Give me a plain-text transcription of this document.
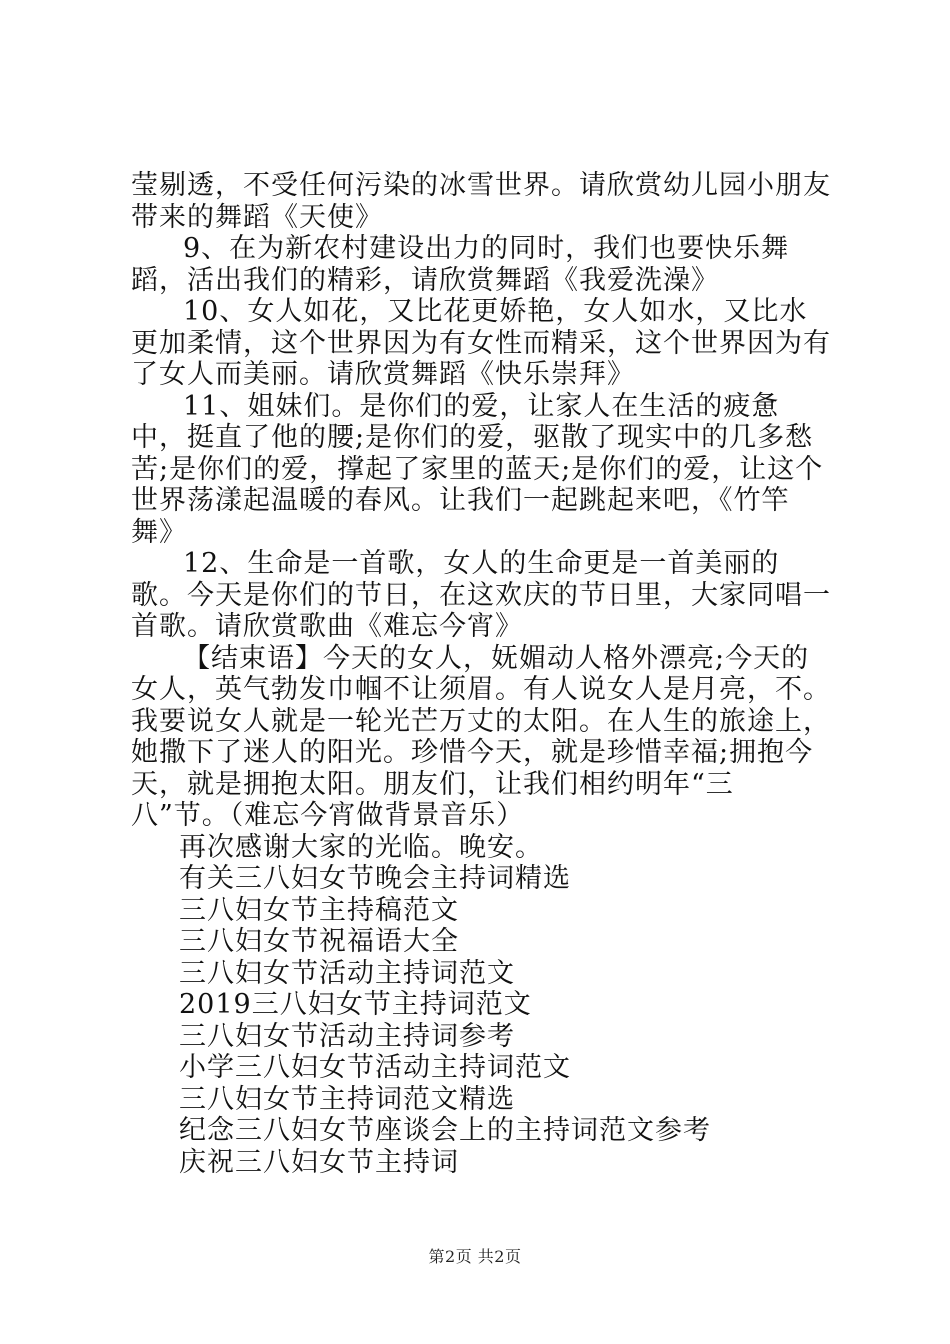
莹剔透，不受任何污染的冰雪世界。请欣赏幼儿园小朋友带来的舞蹈《天使》

9、在为新农村建设出力的同时，我们也要快乐舞蹈，活出我们的精彩，请欣赏舞蹈《我爱洗澡》

10、女人如花，又比花更娇艳，女人如水，又比水更加柔情，这个世界因为有女性而精采，这个世界因为有了女人而美丽。请欣赏舞蹈《快乐崇拜》

11、姐妹们。是你们的爱，让家人在生活的疲惫中，挺直了他的腰;是你们的爱，驱散了现实中的几多愁苦;是你们的爱，撑起了家里的蓝天;是你们的爱，让这个世界荡漾起温暖的春风。让我们一起跳起来吧，《竹竿舞》

12、生命是一首歌，女人的生命更是一首美丽的歌。今天是你们的节日，在这欢庆的节日里，大家同唱一首歌。请欣赏歌曲《难忘今宵》

【结束语】今天的女人，妩媚动人格外漂亮;今天的女人，英气勃发巾帼不让须眉。有人说女人是月亮，不。我要说女人就是一轮光芒万丈的太阳。在人生的旅途上，她撒下了迷人的阳光。珍惜今天，就是珍惜幸福;拥抱今天，就是拥抱太阳。朋友们，让我们相约明年“三八”节。（难忘今宵做背景音乐）

再次感谢大家的光临。晚安。

有关三八妇女节晚会主持词精选

三八妇女节主持稿范文

三八妇女节祝福语大全

三八妇女节活动主持词范文

2019三八妇女节主持词范文

三八妇女节活动主持词参考

小学三八妇女节活动主持词范文

三八妇女节主持词范文精选

纪念三八妇女节座谈会上的主持词范文参考

庆祝三八妇女节主持词

第2页 共2页
